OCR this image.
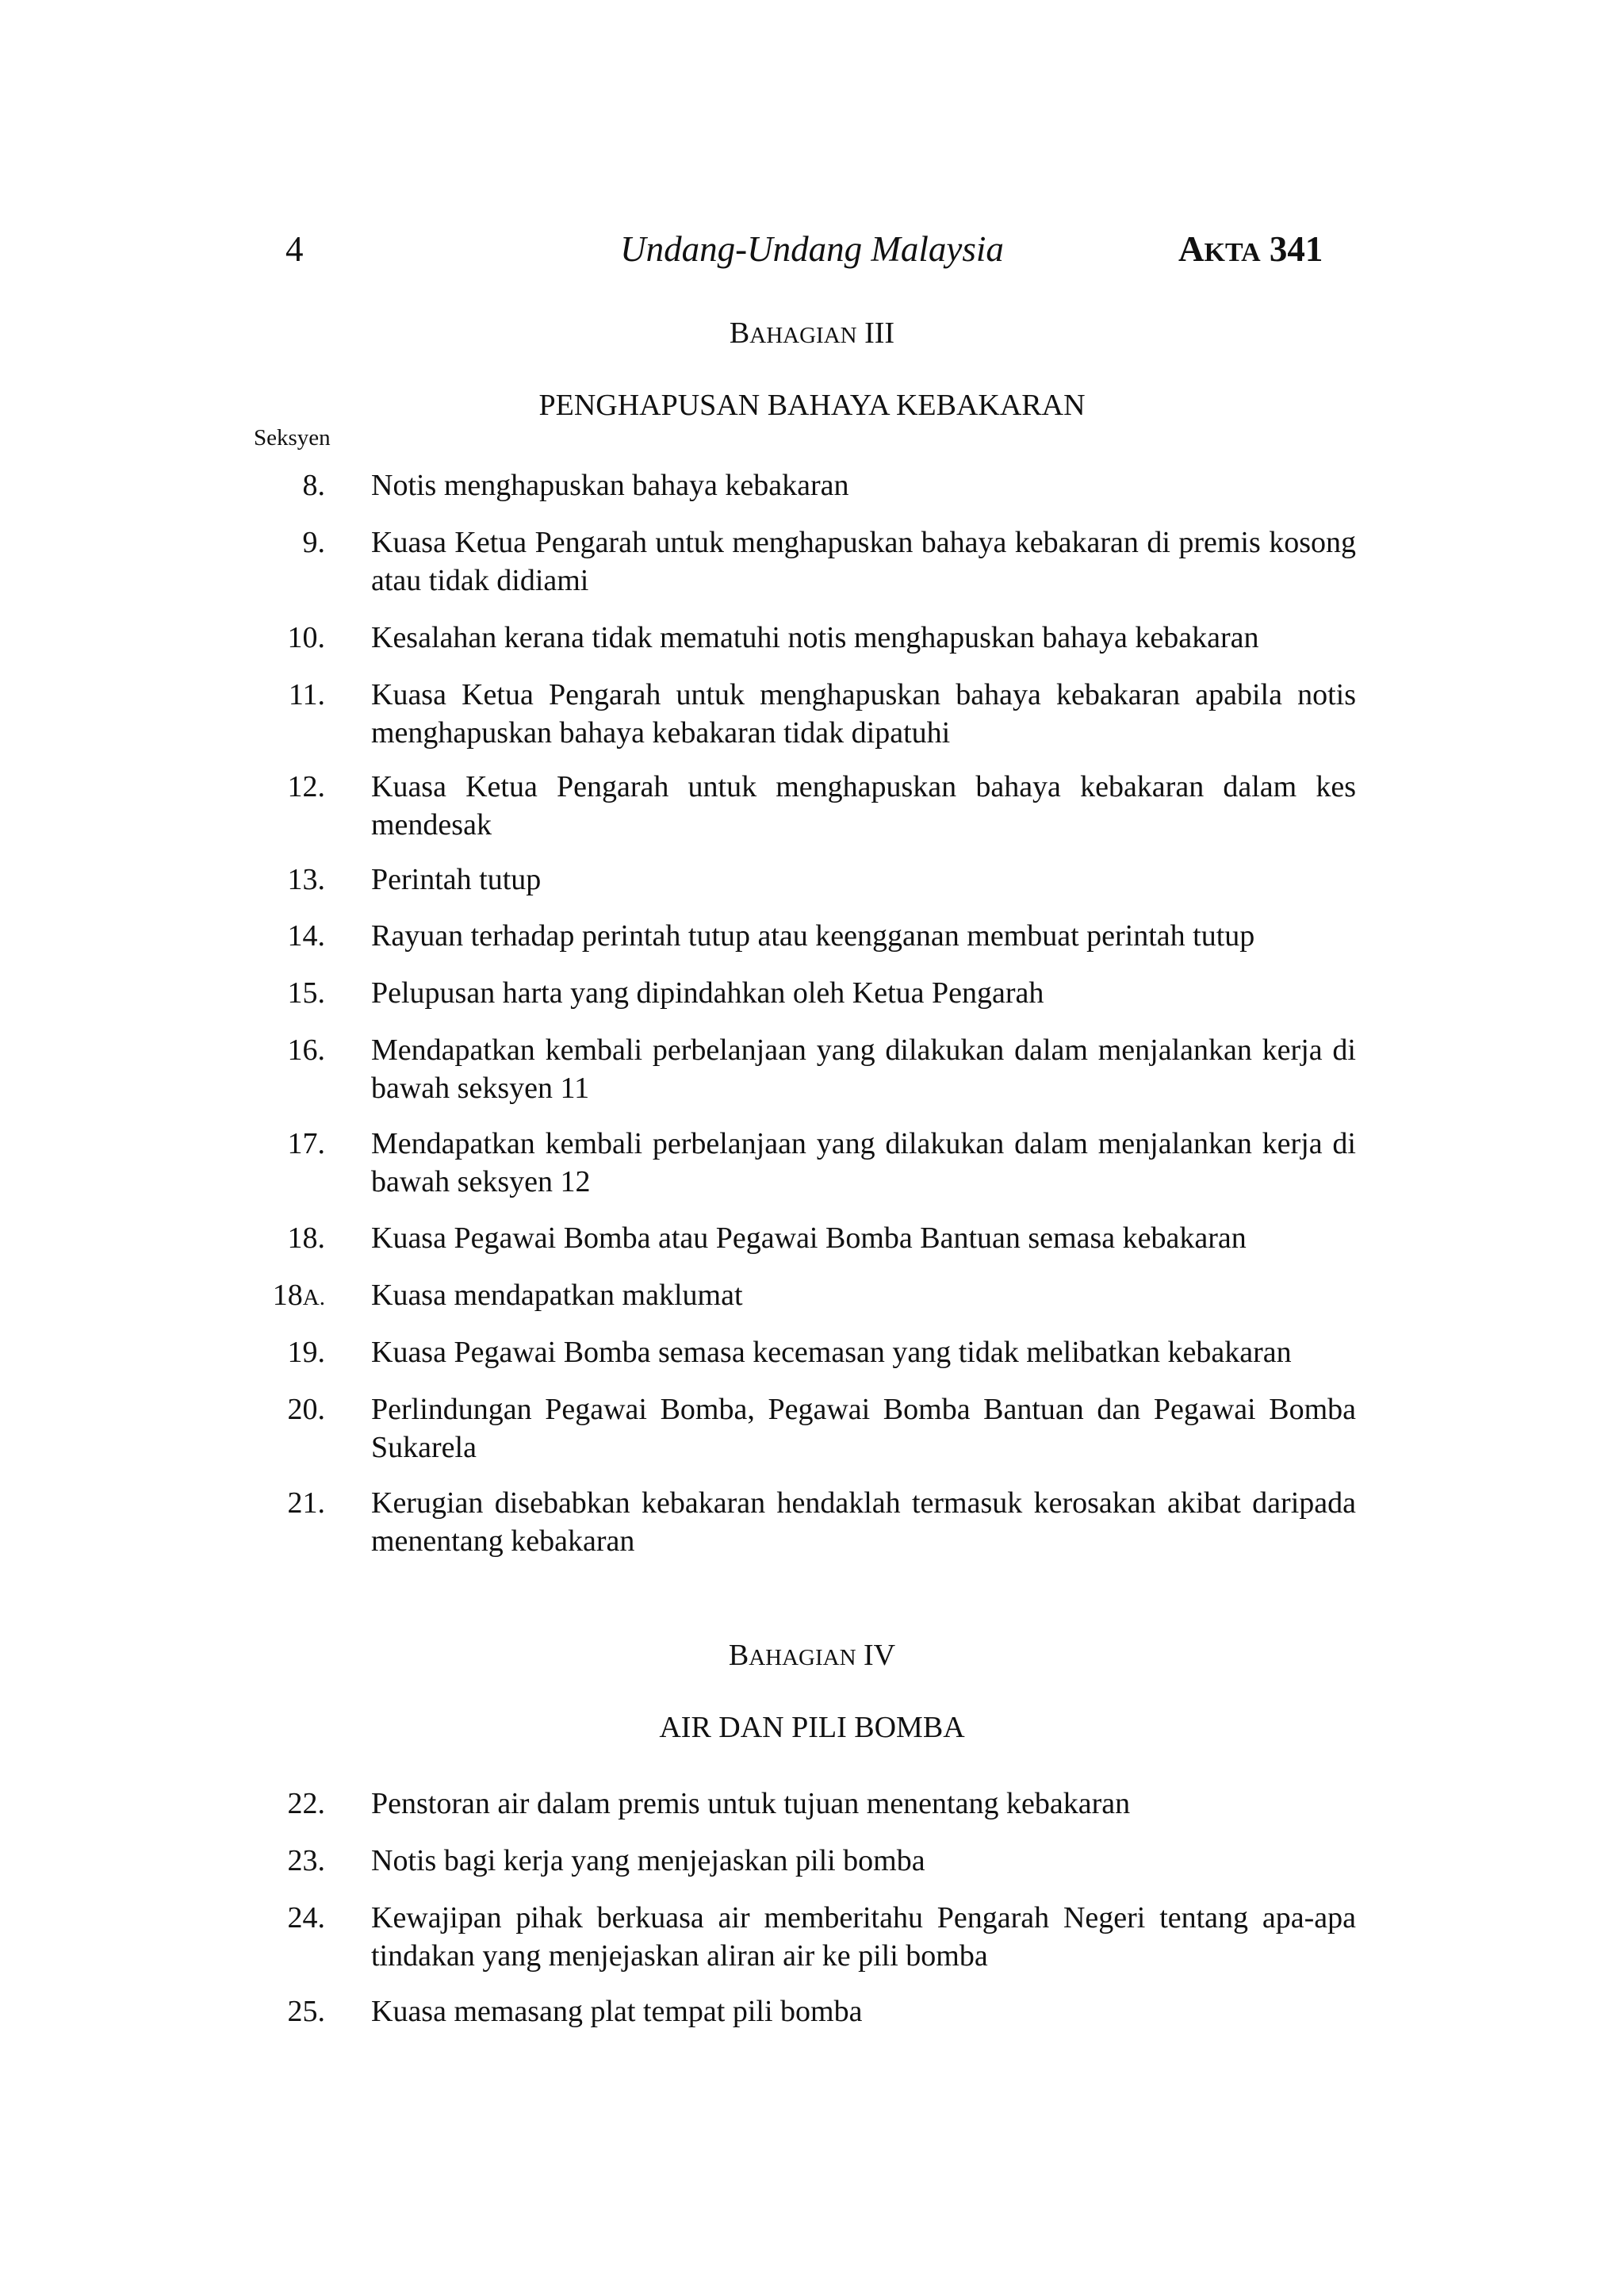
4	Undang-Undang Malaysia	AKTA 341
BAHAGIAN III
PENGHAPUSAN BAHAYA KEBAKARAN
Seksyen
8. Notis menghapuskan bahaya kebakaran
9. Kuasa Ketua Pengarah untuk menghapuskan bahaya kebakaran di premis kosong atau tidak didiami
10. Kesalahan kerana tidak mematuhi notis menghapuskan bahaya kebakaran
11. Kuasa Ketua Pengarah untuk menghapuskan bahaya kebakaran apabila notis menghapuskan bahaya kebakaran tidak dipatuhi
12. Kuasa Ketua Pengarah untuk menghapuskan bahaya kebakaran dalam kes mendesak
13. Perintah tutup
14. Rayuan terhadap perintah tutup atau keengganan membuat perintah tutup
15. Pelupusan harta yang dipindahkan oleh Ketua Pengarah
16. Mendapatkan kembali perbelanjaan yang dilakukan dalam menjalankan kerja di bawah seksyen 11
17. Mendapatkan kembali perbelanjaan yang dilakukan dalam menjalankan kerja di bawah seksyen 12
18. Kuasa Pegawai Bomba atau Pegawai Bomba Bantuan semasa kebakaran
18A. Kuasa mendapatkan maklumat
19. Kuasa Pegawai Bomba semasa kecemasan yang tidak melibatkan kebakaran
20. Perlindungan Pegawai Bomba, Pegawai Bomba Bantuan dan Pegawai Bomba Sukarela
21. Kerugian disebabkan kebakaran hendaklah termasuk kerosakan akibat daripada menentang kebakaran
BAHAGIAN IV
AIR DAN PILI BOMBA
22. Penstoran air dalam premis untuk tujuan menentang kebakaran
23. Notis bagi kerja yang menjejaskan pili bomba
24. Kewajipan pihak berkuasa air memberitahu Pengarah Negeri tentang apa-apa tindakan yang menjejaskan aliran air ke pili bomba
25. Kuasa memasang plat tempat pili bomba
